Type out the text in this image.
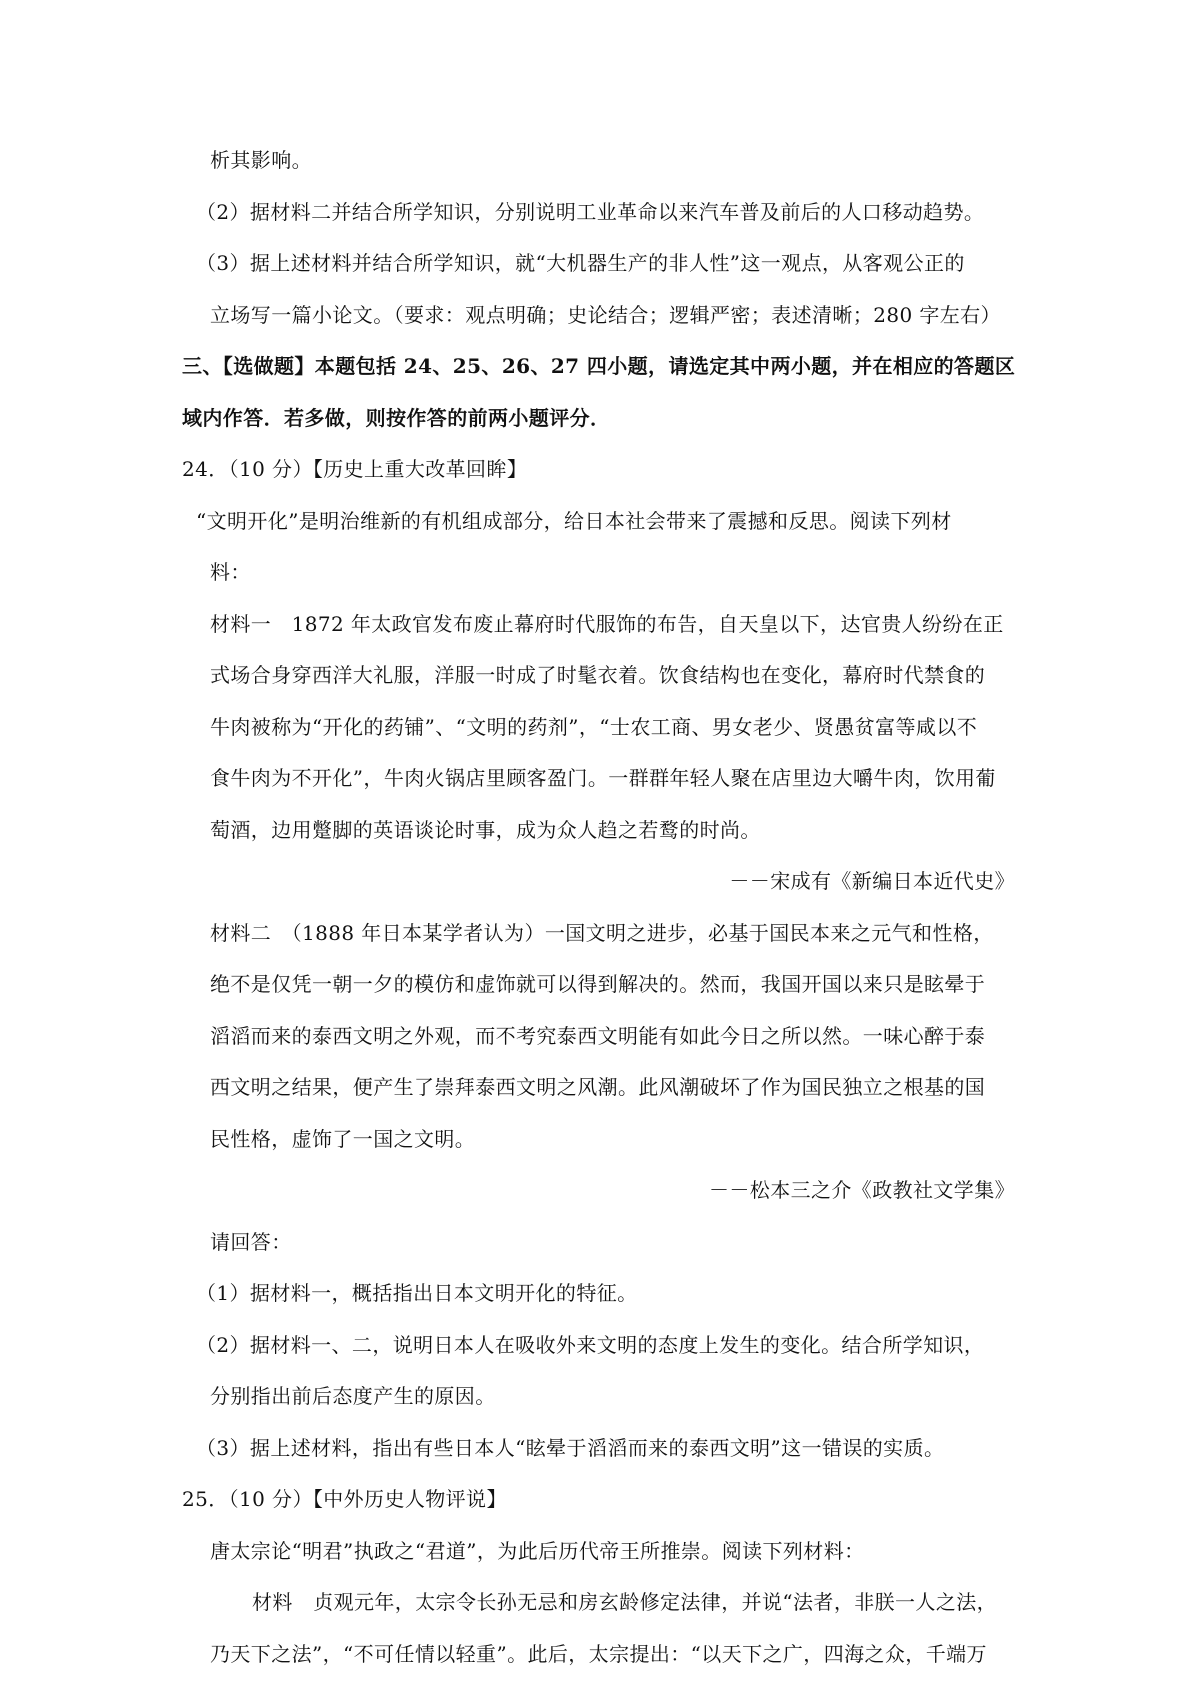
析其影响。
（2）据材料二并结合所学知识，分别说明工业革命以来汽车普及前后的人口移动趋势。
（3）据上述材料并结合所学知识，就“大机器生产的非人性”这一观点，从客观公正的
立场写一篇小论文。（要求：观点明确；史论结合；逻辑严密；表述清晰；280 字左右）
三、【选做题】本题包括 24、25、26、27 四小题，请选定其中两小题，并在相应的答题区
域内作答．若多做，则按作答的前两小题评分．
24．（10 分）【历史上重大改革回眸】
“文明开化”是明治维新的有机组成部分，给日本社会带来了震撼和反思。阅读下列材
料：
材料一　1872 年太政官发布废止幕府时代服饰的布告，自天皇以下，达官贵人纷纷在正
式场合身穿西洋大礼服，洋服一时成了时髦衣着。饮食结构也在变化，幕府时代禁食的
牛肉被称为“开化的药铺”、“文明的药剂”，“士农工商、男女老少、贤愚贫富等咸以不
食牛肉为不开化”，牛肉火锅店里顾客盈门。一群群年轻人聚在店里边大嚼牛肉，饮用葡
萄酒，边用蹩脚的英语谈论时事，成为众人趋之若鹜的时尚。
－－宋成有《新编日本近代史》
材料二　（1888 年日本某学者认为）一国文明之进步，必基于国民本来之元气和性格，
绝不是仅凭一朝一夕的模仿和虚饰就可以得到解决的。然而，我国开国以来只是眩晕于
滔滔而来的泰西文明之外观，而不考究泰西文明能有如此今日之所以然。一味心醉于泰
西文明之结果，便产生了崇拜泰西文明之风潮。此风潮破坏了作为国民独立之根基的国
民性格，虚饰了一国之文明。
－－松本三之介《政教社文学集》
请回答：
（1）据材料一，概括指出日本文明开化的特征。
（2）据材料一、二，说明日本人在吸收外来文明的态度上发生的变化。结合所学知识，
分别指出前后态度产生的原因。
（3）据上述材料，指出有些日本人“眩晕于滔滔而来的泰西文明”这一错误的实质。
25．（10 分）【中外历史人物评说】
唐太宗论“明君”执政之“君道”，为此后历代帝王所推崇。阅读下列材料：
材料　贞观元年，太宗令长孙无忌和房玄龄修定法律，并说“法者，非朕一人之法，
乃天下之法”，“不可任情以轻重”。此后，太宗提出：“以天下之广，四海之众，千端万
